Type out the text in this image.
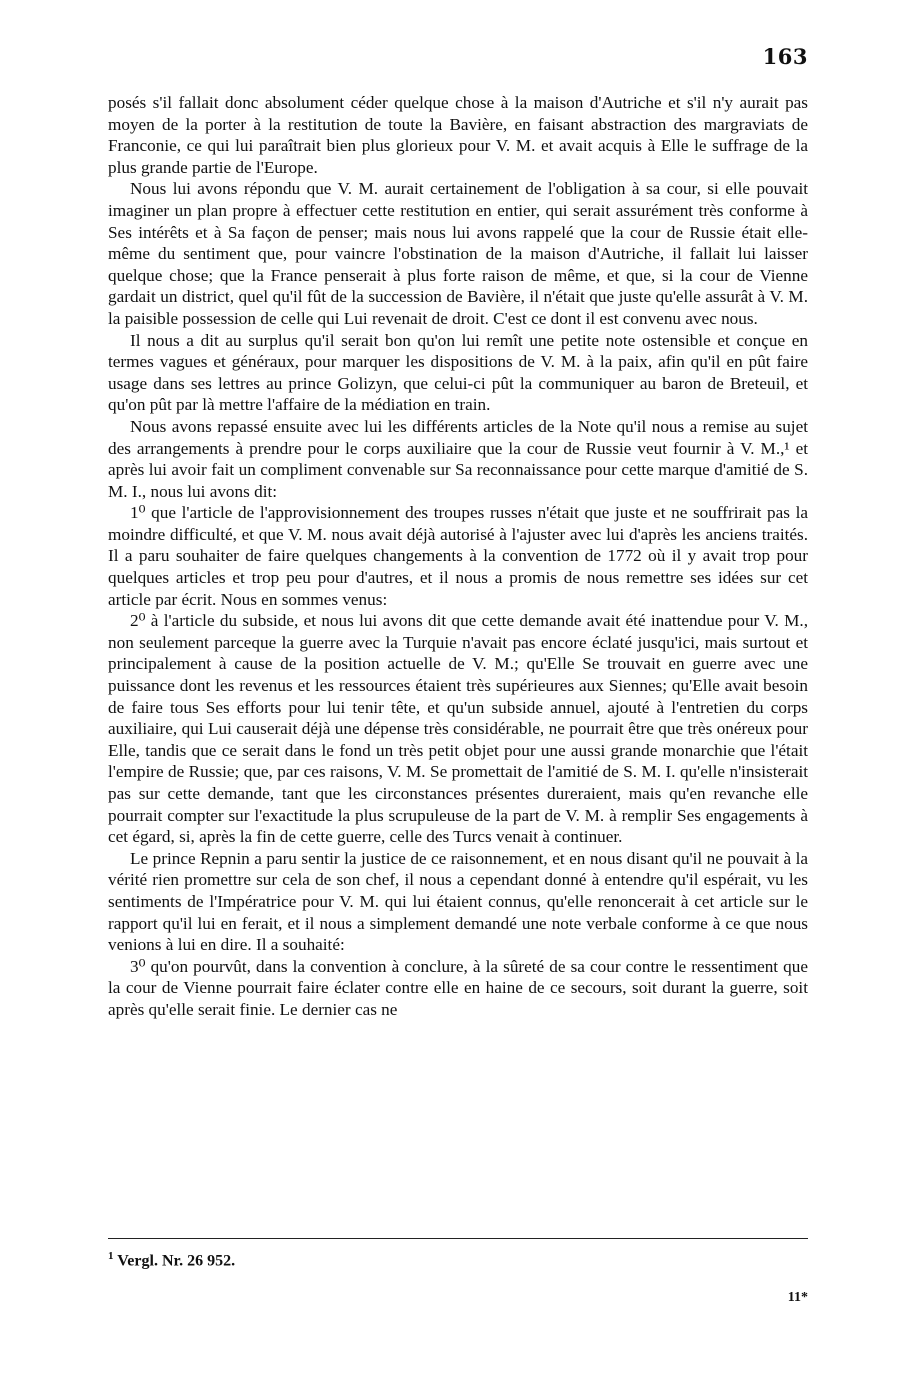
163

posés s'il fallait donc absolument céder quelque chose à la maison d'Autriche et s'il n'y aurait pas moyen de la porter à la restitution de toute la Bavière, en faisant abstraction des margraviats de Franconie, ce qui lui paraîtrait bien plus glorieux pour V. M. et avait acquis à Elle le suffrage de la plus grande partie de l'Europe.

Nous lui avons répondu que V. M. aurait certainement de l'obligation à sa cour, si elle pouvait imaginer un plan propre à effectuer cette restitution en entier, qui serait assurément très conforme à Ses intérêts et à Sa façon de penser; mais nous lui avons rappelé que la cour de Russie était elle-même du sentiment que, pour vaincre l'obstination de la maison d'Autriche, il fallait lui laisser quelque chose; que la France penserait à plus forte raison de même, et que, si la cour de Vienne gardait un district, quel qu'il fût de la succession de Bavière, il n'était que juste qu'elle assurât à V. M. la paisible possession de celle qui Lui revenait de droit. C'est ce dont il est convenu avec nous.

Il nous a dit au surplus qu'il serait bon qu'on lui remît une petite note ostensible et conçue en termes vagues et généraux, pour marquer les dispositions de V. M. à la paix, afin qu'il en pût faire usage dans ses lettres au prince Golizyn, que celui-ci pût la communiquer au baron de Breteuil, et qu'on pût par là mettre l'affaire de la médiation en train.

Nous avons repassé ensuite avec lui les différents articles de la Note qu'il nous a remise au sujet des arrangements à prendre pour le corps auxiliaire que la cour de Russie veut fournir à V. M.,¹ et après lui avoir fait un compliment convenable sur Sa reconnaissance pour cette marque d'amitié de S. M. I., nous lui avons dit:

1⁰ que l'article de l'approvisionnement des troupes russes n'était que juste et ne souffrirait pas la moindre difficulté, et que V. M. nous avait déjà autorisé à l'ajuster avec lui d'après les anciens traités. Il a paru souhaiter de faire quelques changements à la convention de 1772 où il y avait trop pour quelques articles et trop peu pour d'autres, et il nous a promis de nous remettre ses idées sur cet article par écrit. Nous en sommes venus:

2⁰ à l'article du subside, et nous lui avons dit que cette demande avait été inattendue pour V. M., non seulement parceque la guerre avec la Turquie n'avait pas encore éclaté jusqu'ici, mais surtout et principalement à cause de la position actuelle de V. M.; qu'Elle Se trouvait en guerre avec une puissance dont les revenus et les ressources étaient très supérieures aux Siennes; qu'Elle avait besoin de faire tous Ses efforts pour lui tenir tête, et qu'un subside annuel, ajouté à l'entretien du corps auxiliaire, qui Lui causerait déjà une dépense très considérable, ne pourrait être que très onéreux pour Elle, tandis que ce serait dans le fond un très petit objet pour une aussi grande monarchie que l'était l'empire de Russie; que, par ces raisons, V. M. Se promettait de l'amitié de S. M. I. qu'elle n'insisterait pas sur cette demande, tant que les circonstances présentes dureraient, mais qu'en revanche elle pourrait compter sur l'exactitude la plus scrupuleuse de la part de V. M. à remplir Ses engagements à cet égard, si, après la fin de cette guerre, celle des Turcs venait à continuer.

Le prince Repnin a paru sentir la justice de ce raisonnement, et en nous disant qu'il ne pouvait à la vérité rien promettre sur cela de son chef, il nous a cependant donné à entendre qu'il espérait, vu les sentiments de l'Impératrice pour V. M. qui lui étaient connus, qu'elle renoncerait à cet article sur le rapport qu'il lui en ferait, et il nous a simplement demandé une note verbale conforme à ce que nous venions à lui en dire. Il a souhaité:

3⁰ qu'on pourvût, dans la convention à conclure, à la sûreté de sa cour contre le ressentiment que la cour de Vienne pourrait faire éclater contre elle en haine de ce secours, soit durant la guerre, soit après qu'elle serait finie. Le dernier cas ne

$^1$ Vergl. Nr. 26 952.
11*
